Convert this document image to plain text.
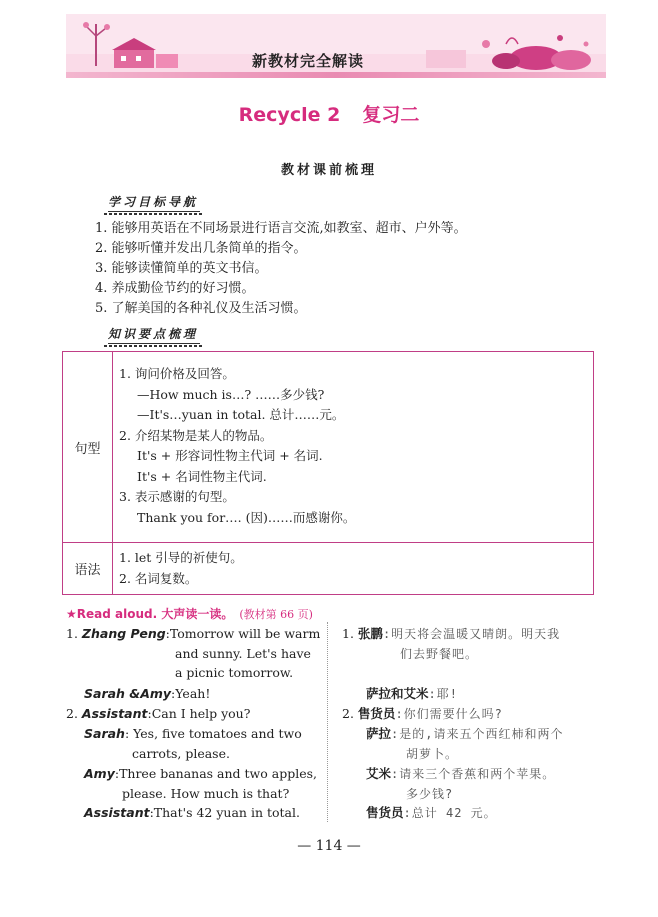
新教材完全解读
Recycle 2 复习二
教材课前梳理
学习目标导航
1. 能够用英语在不同场景进行语言交流,如教室、超市、户外等。
2. 能够听懂并发出几条简单的指令。
3. 能够读懂简单的英文书信。
4. 养成勤俭节约的好习惯。
5. 了解美国的各种礼仪及生活习惯。
知识要点梳理
句型
1. 询问价格及回答。
—How much is…? ……多少钱?
—It's…yuan in total. 总计……元。
2. 介绍某物是某人的物品。
It's + 形容词性物主代词 + 名词.
It's + 名词性物主代词.
3. 表示感谢的句型。
Thank you for…. (因)……而感谢你。
语法
1. let 引导的祈使句。
2. 名词复数。
★Read aloud. 大声读一读。 (教材第 66 页)
1. Zhang Peng:Tomorrow will be warm
and sunny. Let's have
a picnic tomorrow.
Sarah &Amy:Yeah!
2. Assistant:Can I help you?
Sarah: Yes, five tomatoes and two
carrots, please.
Amy:Three bananas and two apples,
please. How much is that?
Assistant:That's 42 yuan in total.
1. 张鹏:明天将会温暖又晴朗。明天我
们去野餐吧。
萨拉和艾米:耶!
2. 售货员:你们需要什么吗?
萨拉:是的,请来五个西红柿和两个
胡萝卜。
艾米:请来三个香蕉和两个苹果。
多少钱?
售货员:总计 42 元。
— 114 —
